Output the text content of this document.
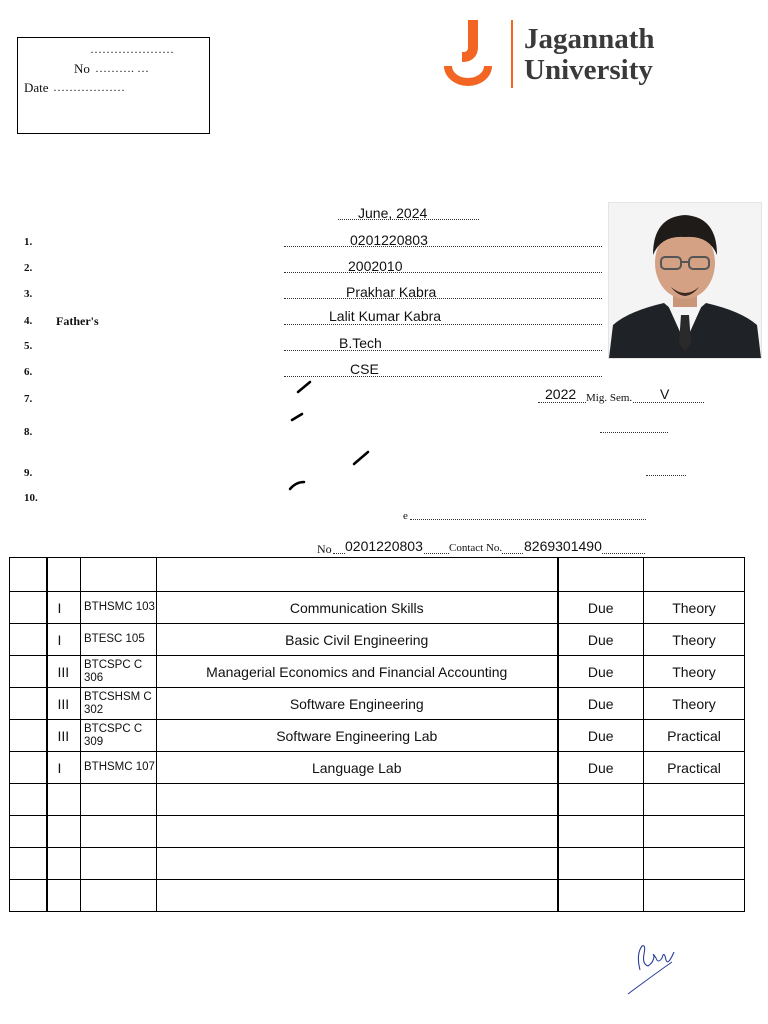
…………………
No ………. …
Date ………………
Jagannath
University
June, 2024
1.	0201220803
2.	2002010
3.	Prakhar Kabra
4. Father's	Lalit Kumar Kabra
5.	B.Tech
6.	CSE
7.	2022 Mig. Sem. V
8.
9.
10.
e
No 0201220803 Contact No. 8269301490

	I	BTHSMC 103	Communication Skills	Due	Theory
	I	BTESC 105	Basic Civil Engineering	Due	Theory
	III	BTCSPC C 306	Managerial Economics and Financial Accounting	Due	Theory
	III	BTCSHSM C 302	Software Engineering	Due	Theory
	III	BTCSPC C 309	Software Engineering Lab	Due	Practical
	I	BTHSMC 107	Language Lab	Due	Practical
